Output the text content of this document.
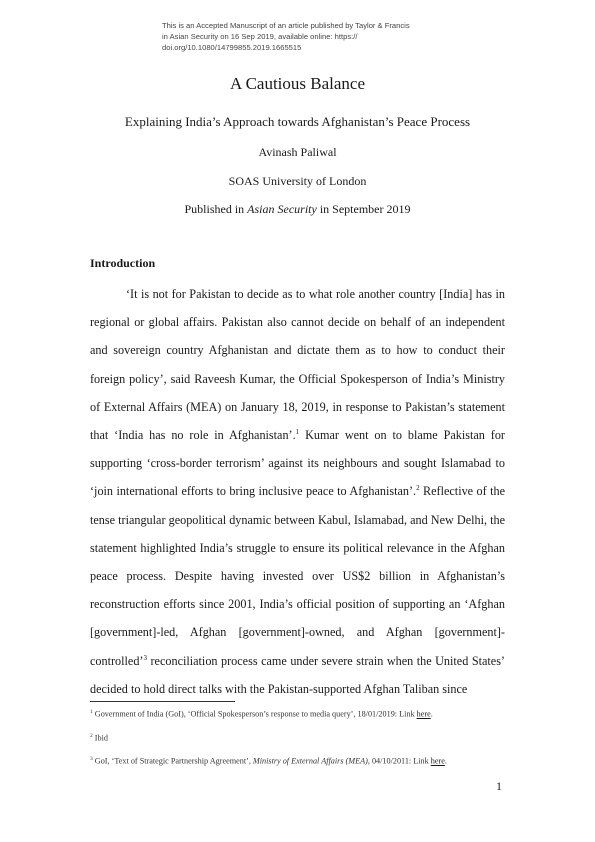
This is an Accepted Manuscript of an article published by Taylor & Francis
in Asian Security on 16 Sep 2019, available online: https://
doi.org/10.1080/14799855.2019.1665515
A Cautious Balance
Explaining India’s Approach towards Afghanistan’s Peace Process
Avinash Paliwal
SOAS University of London
Published in Asian Security in September 2019
Introduction
‘It is not for Pakistan to decide as to what role another country [India] has in regional or global affairs. Pakistan also cannot decide on behalf of an independent and sovereign country Afghanistan and dictate them as to how to conduct their foreign policy’, said Raveesh Kumar, the Official Spokesperson of India’s Ministry of External Affairs (MEA) on January 18, 2019, in response to Pakistan’s statement that ‘India has no role in Afghanistan’.$^1$ Kumar went on to blame Pakistan for supporting ‘cross-border terrorism’ against its neighbours and sought Islamabad to ‘join international efforts to bring inclusive peace to Afghanistan’.$^2$ Reflective of the tense triangular geopolitical dynamic between Kabul, Islamabad, and New Delhi, the statement highlighted India’s struggle to ensure its political relevance in the Afghan peace process. Despite having invested over US$2 billion in Afghanistan’s reconstruction efforts since 2001, India’s official position of supporting an ‘Afghan [government]-led, Afghan [government]-owned, and Afghan [government]-controlled’$^3$ reconciliation process came under severe strain when the United States’ decided to hold direct talks with the Pakistan-supported Afghan Taliban since

$^1$ Government of India (GoI), ‘Official Spokesperson’s response to media query’, 18/01/2019: Link here.

$^2$ Ibid

$^3$ GoI, ‘Text of Strategic Partnership Agreement’, Ministry of External Affairs (MEA), 04/10/2011: Link here.

1
